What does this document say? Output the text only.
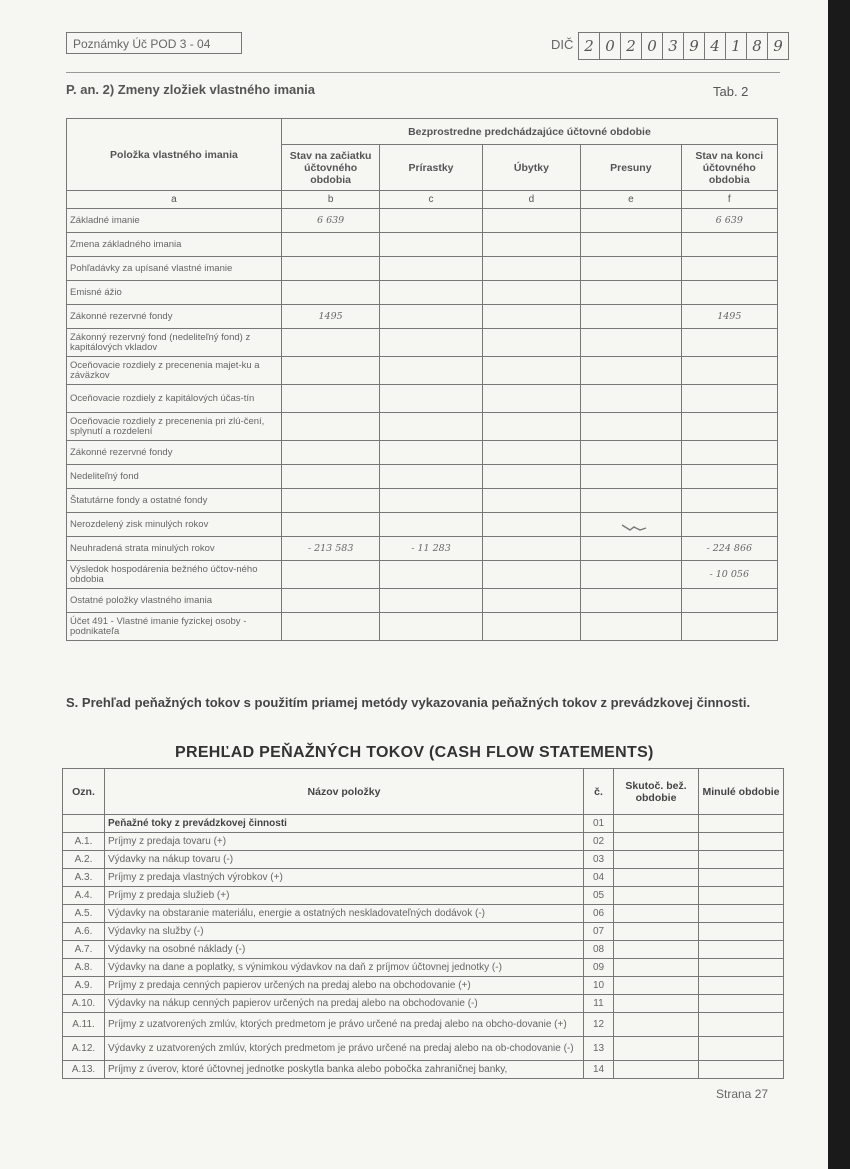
Poznámky Úč POD 3 - 04	DIČ 2 0 2 0 3 9 4 1 8 9
P. an. 2) Zmeny zložiek vlastného imania	Tab. 2
Položka vlastného imania	Bezprostredne predchádzajúce účtovné obdobie				
	Stav na začiatku účtovného obdobia	Prírastky	Úbytky	Presuny	Stav na konci účtovného obdobia
a	b	c	d	e	f
Základné imanie	6 639				6 639
Zmena základného imania					
Pohľadávky za upísané vlastné imanie					
Emisné ážio					
Zákonné rezervné fondy	1495				1495
Zákonný rezervný fond (nedeliteľný fond) z kapitálových vkladov					
Oceňovacie rozdiely z precenenia majet-ku a záväzkov					
Oceňovacie rozdiely z kapitálových účas-tín					
Oceňovacie rozdiely z precenenia pri zlú-čení, splynutí a rozdelení					
Zákonné rezervné fondy					
Nedeliteľný fond					
Štatutárne fondy a ostatné fondy					
Nerozdelený zisk minulých rokov					
Neuhradená strata minulých rokov	- 213 583	- 11 283			- 224 866
Výsledok hospodárenia bežného účtov-ného obdobia					- 10 056
Ostatné položky vlastného imania					
Účet 491 - Vlastné imanie fyzickej osoby - podnikateľa					
S. Prehľad peňažných tokov s použitím priamej metódy vykazovania peňažných tokov z prevádzkovej činnosti.
PREHĽAD PEŇAŽNÝCH TOKOV (CASH FLOW STATEMENTS)
Ozn.	Názov položky	č.	Skutoč. bež. obdobie	Minulé obdobie
	Peňažné toky z prevádzkovej činnosti	01		
A.1.	Príjmy z predaja tovaru (+)	02		
A.2.	Výdavky na nákup tovaru (-)	03		
A.3.	Príjmy z predaja vlastných výrobkov (+)	04		
A.4.	Príjmy z predaja služieb (+)	05		
A.5.	Výdavky na obstaranie materiálu, energie a ostatných neskladovateľných dodávok (-)	06		
A.6.	Výdavky na služby (-)	07		
A.7.	Výdavky na osobné náklady (-)	08		
A.8.	Výdavky na dane a poplatky, s výnimkou výdavkov na daň z príjmov účtovnej jednotky (-)	09		
A.9.	Príjmy z predaja cenných papierov určených na predaj alebo na obchodovanie (+)	10		
A.10.	Výdavky na nákup cenných papierov určených na predaj alebo na obchodovanie (-)	11		
A.11.	Príjmy z uzatvorených zmlúv, ktorých predmetom je právo určené na predaj alebo na obcho-dovanie (+)	12		
A.12.	Výdavky z uzatvorených zmlúv, ktorých predmetom je právo určené na predaj alebo na ob-chodovanie (-)	13		
A.13.	Príjmy z úverov, ktoré účtovnej jednotke poskytla banka alebo pobočka zahraničnej banky,	14		
Strana 27
